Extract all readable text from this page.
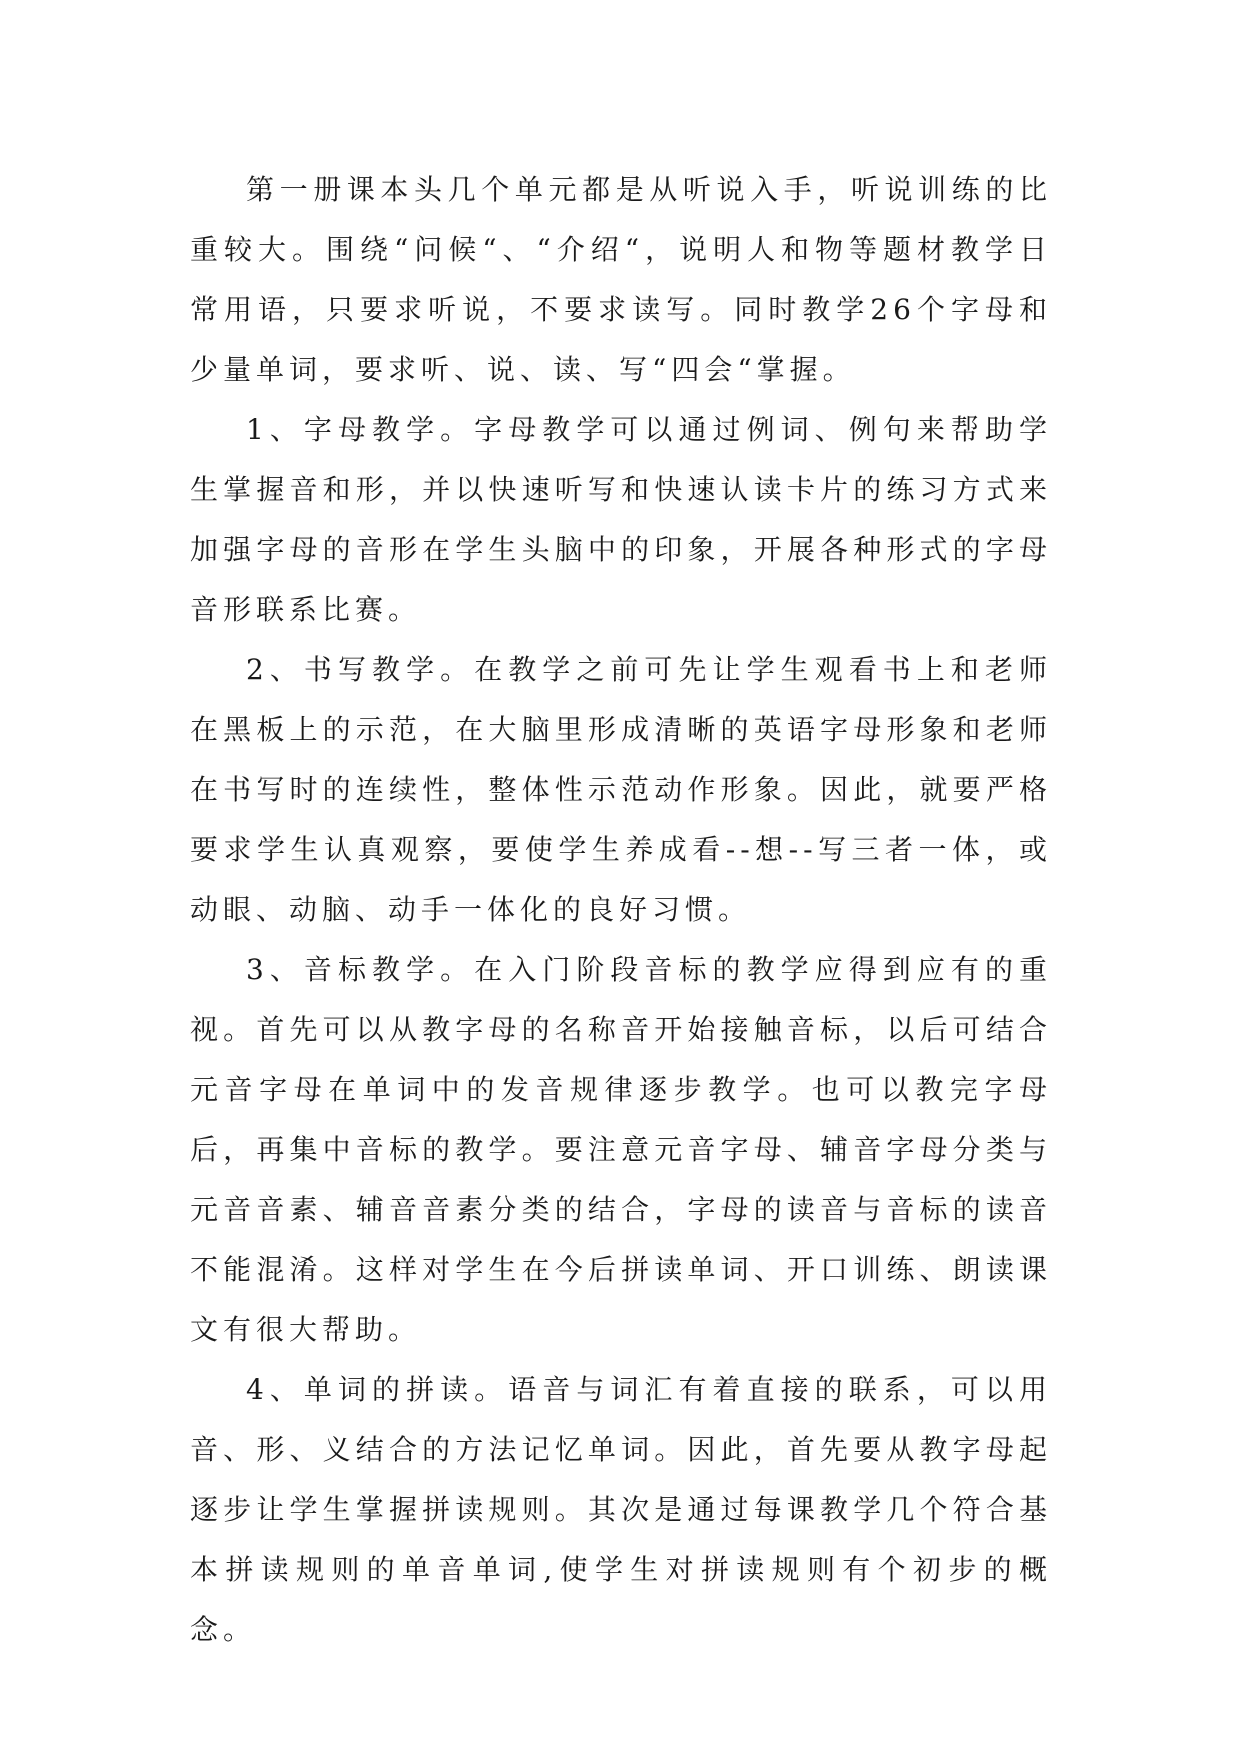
第一册课本头几个单元都是从听说入手，听说训练的比重较大。围绕“问候“、“介绍“，说明人和物等题材教学日常用语，只要求听说，不要求读写。同时教学26个字母和少量单词，要求听、说、读、写“四会“掌握。

1、字母教学。字母教学可以通过例词、例句来帮助学生掌握音和形，并以快速听写和快速认读卡片的练习方式来加强字母的音形在学生头脑中的印象，开展各种形式的字母音形联系比赛。

2、书写教学。在教学之前可先让学生观看书上和老师在黑板上的示范，在大脑里形成清晰的英语字母形象和老师在书写时的连续性，整体性示范动作形象。因此，就要严格要求学生认真观察，要使学生养成看--想--写三者一体，或动眼、动脑、动手一体化的良好习惯。

3、音标教学。在入门阶段音标的教学应得到应有的重视。首先可以从教字母的名称音开始接触音标，以后可结合元音字母在单词中的发音规律逐步教学。也可以教完字母后，再集中音标的教学。要注意元音字母、辅音字母分类与元音音素、辅音音素分类的结合，字母的读音与音标的读音不能混淆。这样对学生在今后拼读单词、开口训练、朗读课文有很大帮助。

4、单词的拼读。语音与词汇有着直接的联系，可以用音、形、义结合的方法记忆单词。因此，首先要从教字母起逐步让学生掌握拼读规则。其次是通过每课教学几个符合基本拼读规则的单音单词,使学生对拼读规则有个初步的概念。
